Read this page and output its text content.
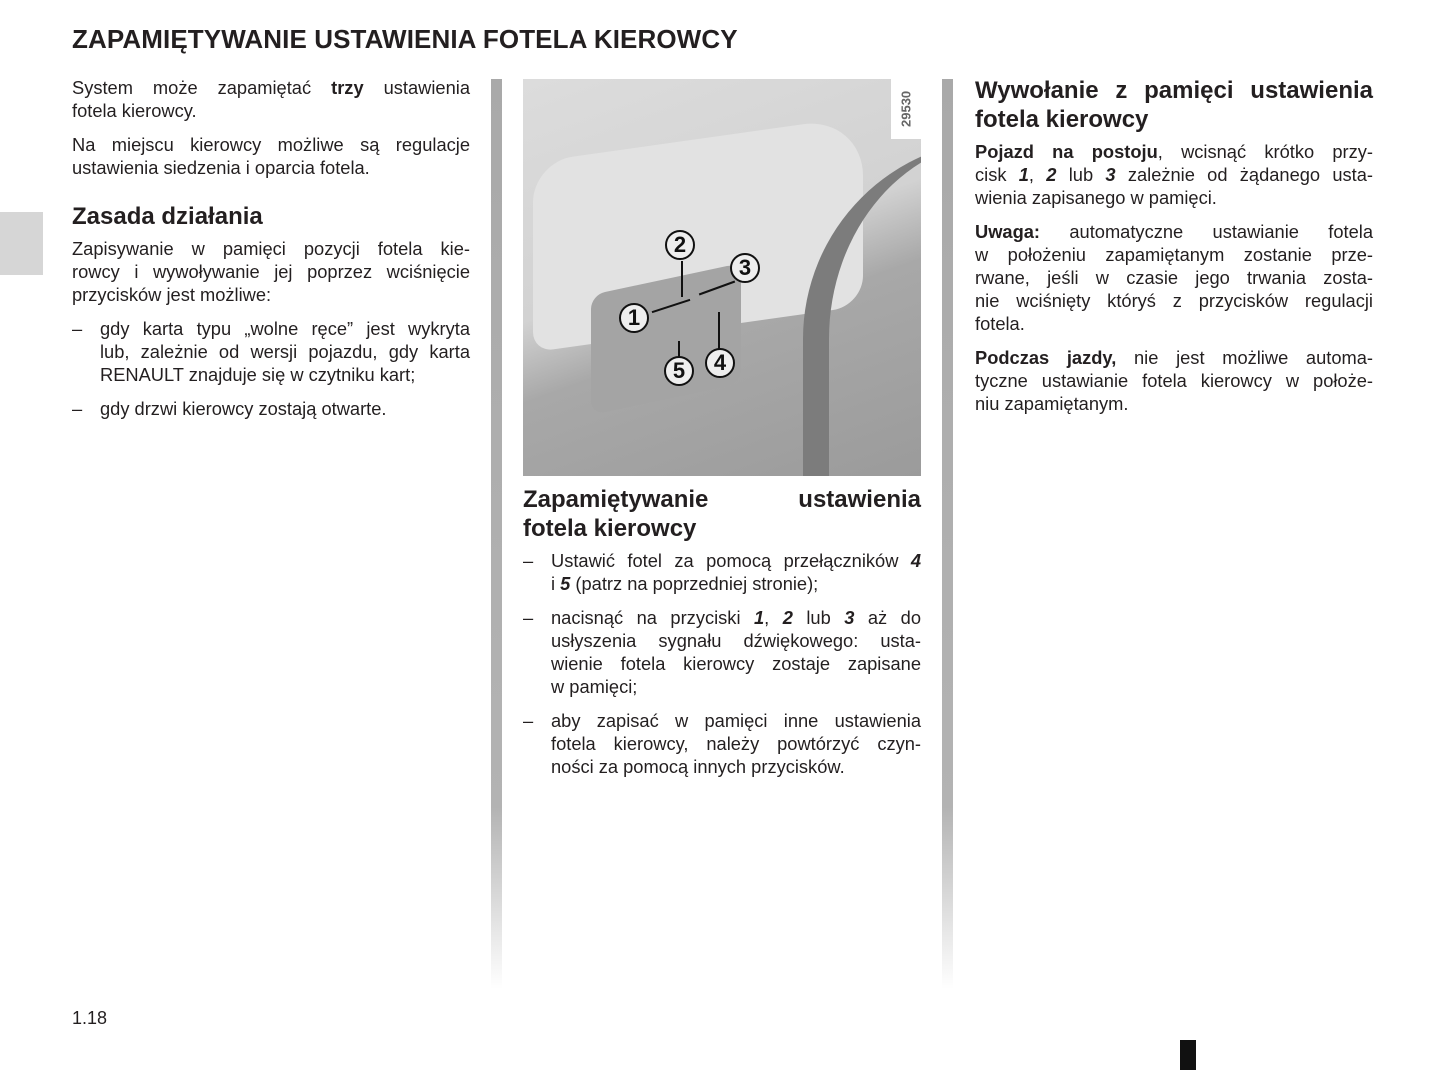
ZAPAMIĘTYWANIE USTAWIENIA FOTELA KIEROWCY
System może zapamiętać trzy ustawienia
fotela kierowcy.
Na miejscu kierowcy możliwe są regulacje
ustawienia siedzenia i oparcia fotela.
Zasada działania
Zapisywanie w pamięci pozycji fotela kie-
rowcy i wywoływanie jej poprzez wciśnięcie
przycisków jest możliwe:
– gdy karta typu „wolne ręce” jest wykryta
lub, zależnie od wersji pojazdu, gdy karta
RENAULT znajduje się w czytniku kart;
– gdy drzwi kierowcy zostają otwarte.
29530
2
3
1
4
5
Zapamiętywanie ustawienia
fotela kierowcy
– Ustawić fotel za pomocą przełączników 4
i 5 (patrz na poprzedniej stronie);
– nacisnąć na przyciski 1, 2 lub 3 aż do
usłyszenia sygnału dźwiękowego: usta-
wienie fotela kierowcy zostaje zapisane
w pamięci;
– aby zapisać w pamięci inne ustawienia
fotela kierowcy, należy powtórzyć czyn-
ności za pomocą innych przycisków.
Wywołanie z pamięci ustawienia
fotela kierowcy
Pojazd na postoju, wcisnąć krótko przy-
cisk 1, 2 lub 3 zależnie od żądanego usta-
wienia zapisanego w pamięci.
Uwaga: automatyczne ustawianie fotela
w położeniu zapamiętanym zostanie prze-
rwane, jeśli w czasie jego trwania zosta-
nie wciśnięty któryś z przycisków regulacji
fotela.
Podczas jazdy, nie jest możliwe automa-
tyczne ustawianie fotela kierowcy w położe-
niu zapamiętanym.
1.18
